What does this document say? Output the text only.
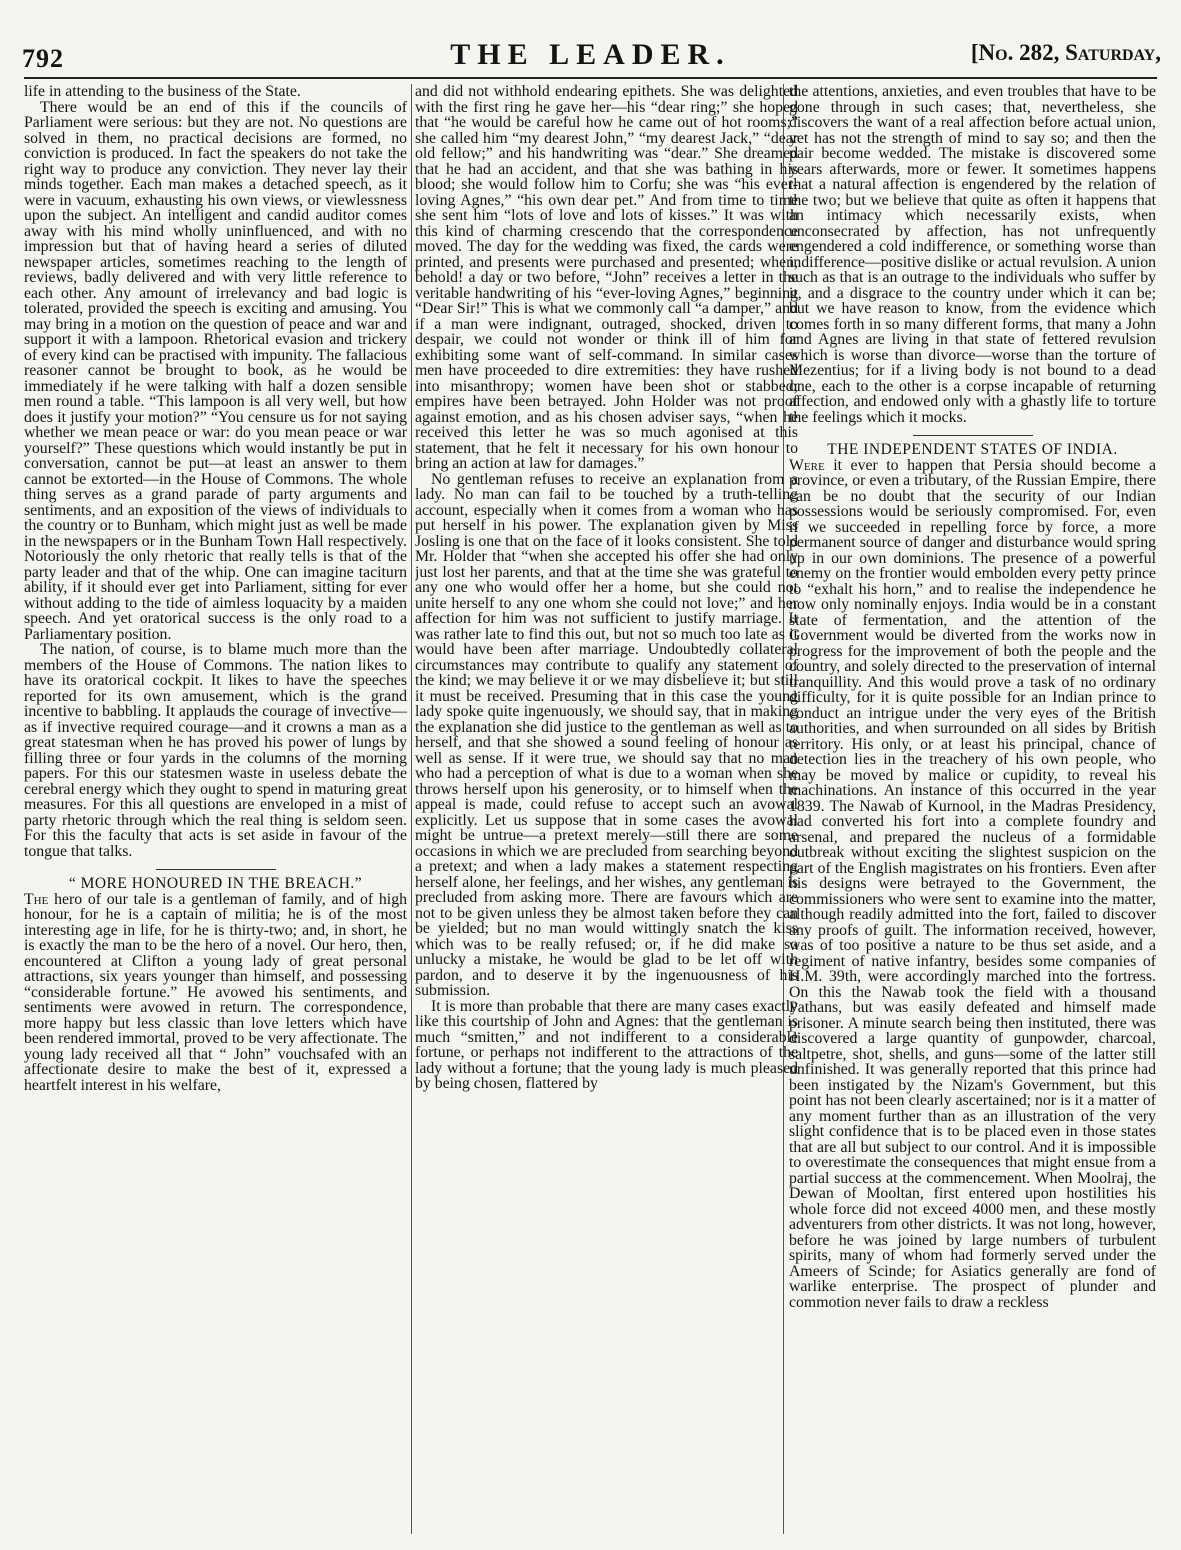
792	THE LEADER.	[No. 282, Saturday,

life in attending to the business of the State.

There would be an end of this if the councils of Parliament were serious: but they are not. No questions are solved in them, no practical decisions are formed, no conviction is produced. In fact the speakers do not take the right way to produce any conviction. They never lay their minds together. Each man makes a detached speech, as it were in vacuum, exhausting his own views, or viewlessness upon the subject. An intelligent and candid auditor comes away with his mind wholly uninfluenced, and with no impression but that of having heard a series of diluted newspaper articles, sometimes reaching to the length of reviews, badly delivered and with very little reference to each other. Any amount of irrelevancy and bad logic is tolerated, provided the speech is exciting and amusing. You may bring in a motion on the question of peace and war and support it with a lampoon. Rhetorical evasion and trickery of every kind can be practised with impunity. The fallacious reasoner cannot be brought to book, as he would be immediately if he were talking with half a dozen sensible men round a table. “This lampoon is all very well, but how does it justify your motion?” “You censure us for not saying whether we mean peace or war: do you mean peace or war yourself?” These questions which would instantly be put in conversation, cannot be put—at least an answer to them cannot be extorted—in the House of Commons. The whole thing serves as a grand parade of party arguments and sentiments, and an exposition of the views of individuals to the country or to Bunham, which might just as well be made in the newspapers or in the Bunham Town Hall respectively. Notoriously the only rhetoric that really tells is that of the party leader and that of the whip. One can imagine taciturn ability, if it should ever get into Parliament, sitting for ever without adding to the tide of aimless loquacity by a maiden speech. And yet oratorical success is the only road to a Parliamentary position.

The nation, of course, is to blame much more than the members of the House of Commons. The nation likes to have its oratorical cockpit. It likes to have the speeches reported for its own amusement, which is the grand incentive to babbling. It applauds the courage of invective—as if invective required courage—and it crowns a man as a great statesman when he has proved his power of lungs by filling three or four yards in the columns of the morning papers. For this our statesmen waste in useless debate the cerebral energy which they ought to spend in maturing great measures. For this all questions are enveloped in a mist of party rhetoric through which the real thing is seldom seen. For this the faculty that acts is set aside in favour of the tongue that talks.

“ MORE HONOURED IN THE BREACH.”

The hero of our tale is a gentleman of family, and of high honour, for he is a captain of militia; he is of the most interesting age in life, for he is thirty-two; and, in short, he is exactly the man to be the hero of a novel. Our hero, then, encountered at Clifton a young lady of great personal attractions, six years younger than himself, and possessing “considerable fortune.” He avowed his sentiments, and sentiments were avowed in return. The correspondence, more happy but less classic than love letters which have been rendered immortal, proved to be very affectionate. The young lady received all that “ John” vouchsafed with an affectionate desire to make the best of it, expressed a heartfelt interest in his welfare,

and did not withhold endearing epithets. She was delighted with the first ring he gave her—his “dear ring;” she hoped that “he would be careful how he came out of hot rooms;” she called him “my dearest John,” “my dearest Jack,” “dear old fellow;” and his handwriting was “dear.” She dreamed that he had an accident, and that she was bathing in his blood; she would follow him to Corfu; she was “his ever-loving Agnes,” “his own dear pet.” And from time to time she sent him “lots of love and lots of kisses.” It was with this kind of charming crescendo that the correspondence moved. The day for the wedding was fixed, the cards were printed, and presents were purchased and presented; when, behold! a day or two before, “John” receives a letter in the veritable handwriting of his “ever-loving Agnes,” beginning “Dear Sir!” This is what we commonly call “a damper,” and if a man were indignant, outraged, shocked, driven to despair, we could not wonder or think ill of him for exhibiting some want of self-command. In similar cases men have proceeded to dire extremities: they have rushed into misanthropy; women have been shot or stabbed; empires have been betrayed. John Holder was not proof against emotion, and as his chosen adviser says, “when he received this letter he was so much agonised at this statement, that he felt it necessary for his own honour to bring an action at law for damages.”

No gentleman refuses to receive an explanation from a lady. No man can fail to be touched by a truth-telling account, especially when it comes from a woman who has put herself in his power. The explanation given by Miss Josling is one that on the face of it looks consistent. She told Mr. Holder that “when she accepted his offer she had only just lost her parents, and that at the time she was grateful to any one who would offer her a home, but she could not unite herself to any one whom she could not love;” and her affection for him was not sufficient to justify marriage. It was rather late to find this out, but not so much too late as it would have been after marriage. Undoubtedly collateral circumstances may contribute to qualify any statement of the kind; we may believe it or we may disbelieve it; but still it must be received. Presuming that in this case the young lady spoke quite ingenuously, we should say, that in making the explanation she did justice to the gentleman as well as to herself, and that she showed a sound feeling of honour as well as sense. If it were true, we should say that no man who had a perception of what is due to a woman when she throws herself upon his generosity, or to himself when the appeal is made, could refuse to accept such an avowal explicitly. Let us suppose that in some cases the avowal might be untrue—a pretext merely—still there are some occasions in which we are precluded from searching beyond a pretext; and when a lady makes a statement respecting herself alone, her feelings, and her wishes, any gentleman is precluded from asking more. There are favours which are not to be given unless they be almost taken before they can be yielded; but no man would wittingly snatch the kiss which was to be really refused; or, if he did make so unlucky a mistake, he would be glad to be let off with pardon, and to deserve it by the ingenuousness of his submission.

It is more than probable that there are many cases exactly like this courtship of John and Agnes: that the gentleman is much “smitten,” and not indifferent to a considerable fortune, or perhaps not indifferent to the attractions of the lady without a fortune; that the young lady is much pleased by being chosen, flattered by

the attentions, anxieties, and even troubles that have to be gone through in such cases; that, nevertheless, she discovers the want of a real affection before actual union, yet has not the strength of mind to say so; and then the pair become wedded. The mistake is discovered some years afterwards, more or fewer. It sometimes happens that a natural affection is engendered by the relation of the two; but we believe that quite as often it happens that an intimacy which necessarily exists, when unconsecrated by affection, has not unfrequently engendered a cold indifference, or something worse than indifference—positive dislike or actual revulsion. A union such as that is an outrage to the individuals who suffer by it, and a disgrace to the country under which it can be; but we have reason to know, from the evidence which comes forth in so many different forms, that many a John and Agnes are living in that state of fettered revulsion which is worse than divorce—worse than the torture of Mezentius; for if a living body is not bound to a dead one, each to the other is a corpse incapable of returning affection, and endowed only with a ghastly life to torture the feelings which it mocks.

THE INDEPENDENT STATES OF INDIA.

Were it ever to happen that Persia should become a province, or even a tributary, of the Russian Empire, there can be no doubt that the security of our Indian possessions would be seriously compromised. For, even if we succeeded in repelling force by force, a more permanent source of danger and disturbance would spring up in our own dominions. The presence of a powerful enemy on the frontier would embolden every petty prince to “exhalt his horn,” and to realise the independence he now only nominally enjoys. India would be in a constant state of fermentation, and the attention of the Government would be diverted from the works now in progress for the improvement of both the people and the country, and solely directed to the preservation of internal tranquillity. And this would prove a task of no ordinary difficulty, for it is quite possible for an Indian prince to conduct an intrigue under the very eyes of the British authorities, and when surrounded on all sides by British territory. His only, or at least his principal, chance of detection lies in the treachery of his own people, who may be moved by malice or cupidity, to reveal his machinations. An instance of this occurred in the year 1839. The Nawab of Kurnool, in the Madras Presidency, had converted his fort into a complete foundry and arsenal, and prepared the nucleus of a formidable outbreak without exciting the slightest suspicion on the part of the English magistrates on his frontiers. Even after his designs were betrayed to the Government, the commissioners who were sent to examine into the matter, although readily admitted into the fort, failed to discover any proofs of guilt. The information received, however, was of too positive a nature to be thus set aside, and a regiment of native infantry, besides some companies of H.M. 39th, were accordingly marched into the fortress. On this the Nawab took the field with a thousand Pathans, but was easily defeated and himself made prisoner. A minute search being then instituted, there was discovered a large quantity of gunpowder, charcoal, saltpetre, shot, shells, and guns—some of the latter still unfinished. It was generally reported that this prince had been instigated by the Nizam's Government, but this point has not been clearly ascertained; nor is it a matter of any moment further than as an illustration of the very slight confidence that is to be placed even in those states that are all but subject to our control. And it is impossible to overestimate the consequences that might ensue from a partial success at the commencement. When Moolraj, the Dewan of Mooltan, first entered upon hostilities his whole force did not exceed 4000 men, and these mostly adventurers from other districts. It was not long, however, before he was joined by large numbers of turbulent spirits, many of whom had formerly served under the Ameers of Scinde; for Asiatics generally are fond of warlike enterprise. The prospect of plunder and commotion never fails to draw a reckless
